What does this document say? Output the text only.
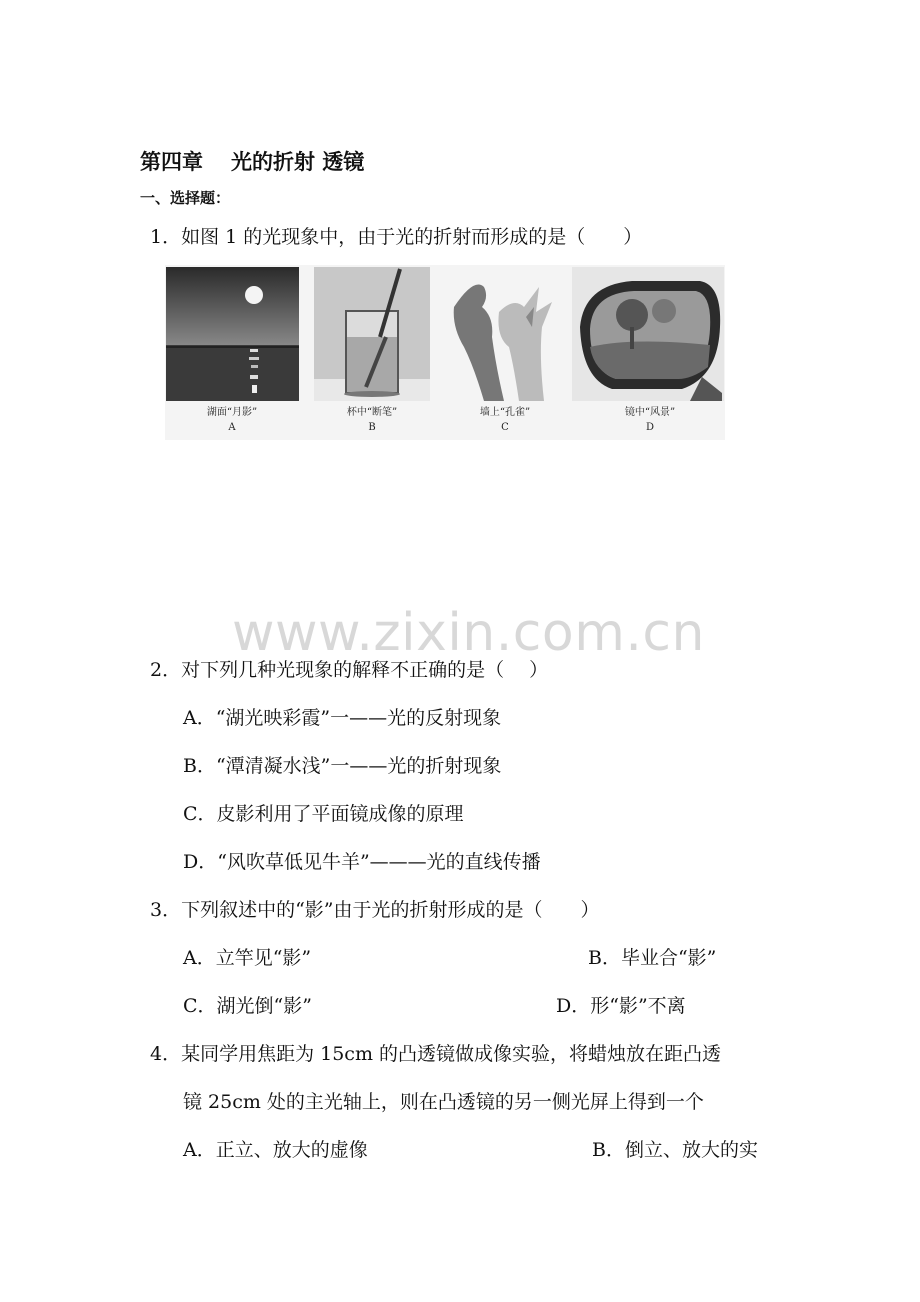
第四章 光的折射 透镜
一、选择题：
1．如图 1 的光现象中，由于光的折射而形成的是（　　）
湖面“月影”
A
杯中“断笔”
B
墙上“孔雀”
C
镜中“风景”
D
www.zixin.com.cn
2．对下列几种光现象的解释不正确的是（　 ）
A．“湖光映彩霞”一——光的反射现象
B．“潭清凝水浅”一——光的折射现象
C．皮影利用了平面镜成像的原理
D．“风吹草低见牛羊”———光的直线传播
3．下列叙述中的“影”由于光的折射形成的是（　　）
A．立竿见“影”	B．毕业合“影”
C．湖光倒“影”	D．形“影”不离
4．某同学用焦距为 15cm 的凸透镜做成像实验，将蜡烛放在距凸透
镜 25cm 处的主光轴上，则在凸透镜的另一侧光屏上得到一个
A．正立、放大的虚像	B．倒立、放大的实
